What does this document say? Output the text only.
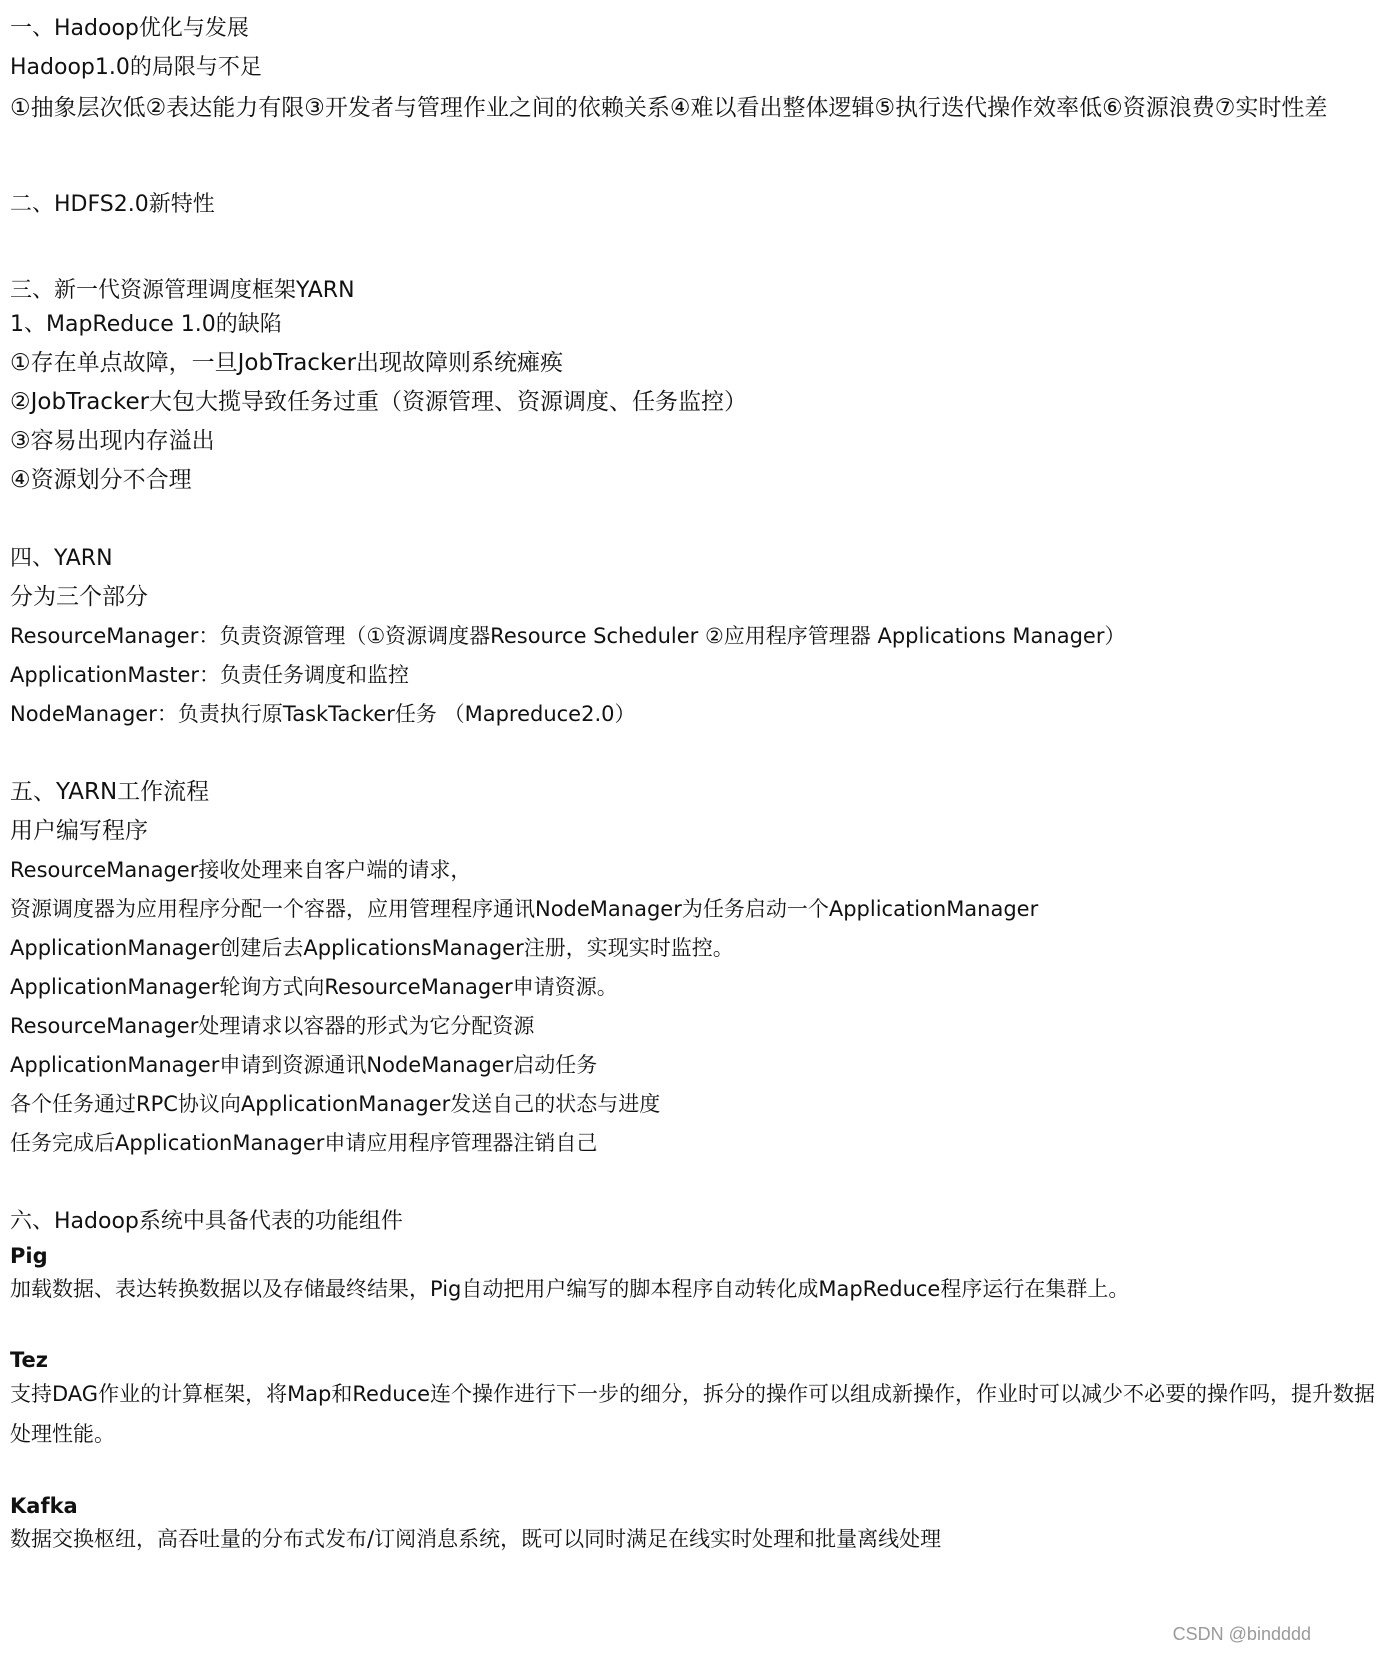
一、Hadoop优化与发展
Hadoop1.0的局限与不足
①抽象层次低②表达能力有限③开发者与管理作业之间的依赖关系④难以看出整体逻辑⑤执行迭代操作效率低⑥资源浪费⑦实时性差
二、HDFS2.0新特性
三、新一代资源管理调度框架YARN
1、MapReduce 1.0的缺陷
①存在单点故障，一旦JobTracker出现故障则系统瘫痪
②JobTracker大包大揽导致任务过重（资源管理、资源调度、任务监控）
③容易出现内存溢出
④资源划分不合理
四、YARN
分为三个部分
ResourceManager：负责资源管理（①资源调度器Resource Scheduler ②应用程序管理器 Applications Manager）
ApplicationMaster：负责任务调度和监控
NodeManager：负责执行原TaskTacker任务 （Mapreduce2.0）
五、YARN工作流程
用户编写程序
ResourceManager接收处理来自客户端的请求，
资源调度器为应用程序分配一个容器，应用管理程序通讯NodeManager为任务启动一个ApplicationManager
ApplicationManager创建后去ApplicationsManager注册，实现实时监控。
ApplicationManager轮询方式向ResourceManager申请资源。
ResourceManager处理请求以容器的形式为它分配资源
ApplicationManager申请到资源通讯NodeManager启动任务
各个任务通过RPC协议向ApplicationManager发送自己的状态与进度
任务完成后ApplicationManager申请应用程序管理器注销自己
六、Hadoop系统中具备代表的功能组件
Pig
加载数据、表达转换数据以及存储最终结果，Pig自动把用户编写的脚本程序自动转化成MapReduce程序运行在集群上。
Tez
支持DAG作业的计算框架，将Map和Reduce连个操作进行下一步的细分，拆分的操作可以组成新操作，作业时可以减少不必要的操作吗，提升数据处理性能。
Kafka
数据交换枢纽，高吞吐量的分布式发布/订阅消息系统，既可以同时满足在线实时处理和批量离线处理
CSDN @bindddd
